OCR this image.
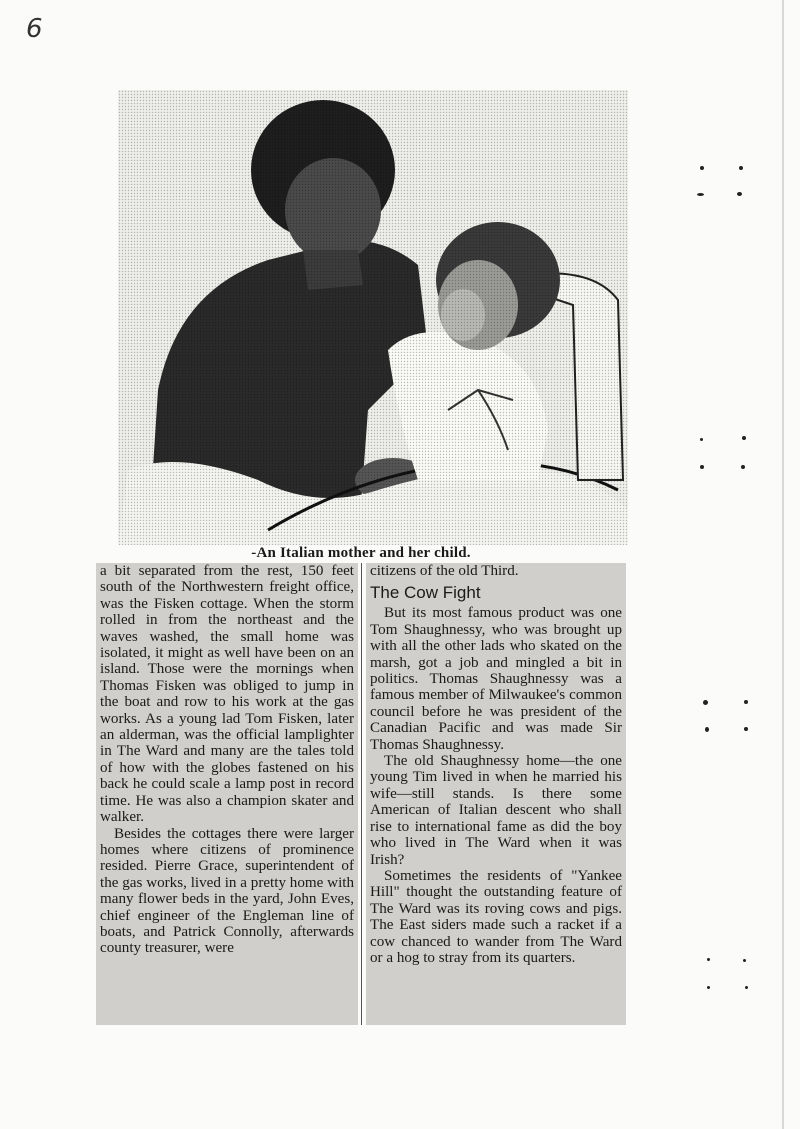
6
-An Italian mother and her child.

a bit separated from the rest, 150 feet south of the Northwestern freight office, was the Fisken cottage. When the storm rolled in from the northeast and the waves washed, the small home was isolated, it might as well have been on an island. Those were the mornings when Thomas Fisken was obliged to jump in the boat and row to his work at the gas works. As a young lad Tom Fisken, later an alderman, was the official lamplighter in The Ward and many are the tales told of how with the globes fastened on his back he could scale a lamp post in record time. He was also a champion skater and walker.

Besides the cottages there were larger homes where citizens of prominence resided. Pierre Grace, superintendent of the gas works, lived in a pretty home with many flower beds in the yard, John Eves, chief engineer of the Engleman line of boats, and Patrick Connolly, afterwards county treasurer, were

citizens of the old Third.

The Cow Fight

But its most famous product was one Tom Shaughnessy, who was brought up with all the other lads who skated on the marsh, got a job and mingled a bit in politics. Thomas Shaughnessy was a famous member of Milwaukee's common council before he was president of the Canadian Pacific and was made Sir Thomas Shaughnessy.

The old Shaughnessy home—the one young Tim lived in when he married his wife—still stands. Is there some American of Italian descent who shall rise to international fame as did the boy who lived in The Ward when it was Irish?

Sometimes the residents of "Yankee Hill" thought the outstanding feature of The Ward was its roving cows and pigs. The East siders made such a racket if a cow chanced to wander from The Ward or a hog to stray from its quarters.
